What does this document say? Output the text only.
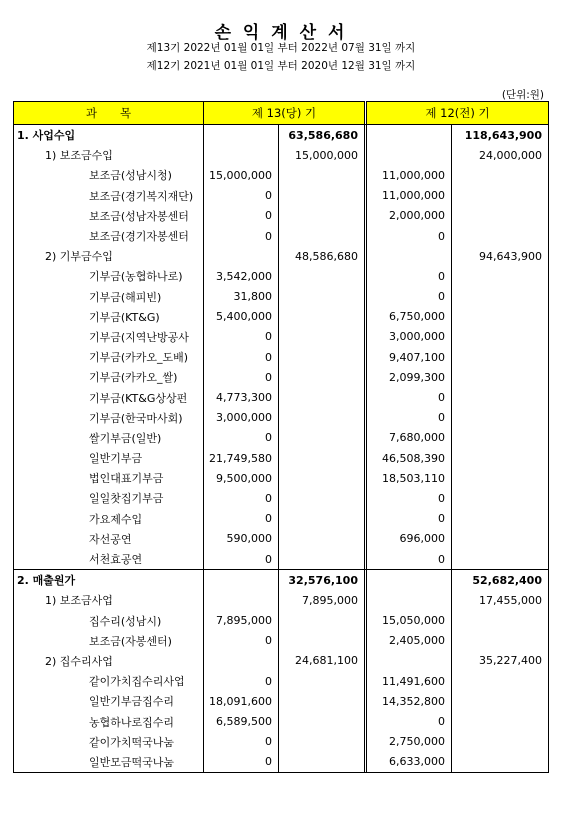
손 익 계 산 서
제13기 2022년 01월 01일 부터 2022년 07월 31일 까지
제12기 2021년 01월 01일 부터 2020년 12월 31일 까지
(단위:원)
과　　목	제 13(당) 기			제 12(전) 기	
1. 사업수입		63,586,680			118,643,900
1) 보조금수입		15,000,000			24,000,000
보조금(성남시청)	15,000,000			11,000,000	
보조금(경기복지재단)	0			11,000,000	
보조금(성남자봉센터	0			2,000,000	
보조금(경기자봉센터	0			0	
2) 기부금수입		48,586,680			94,643,900
기부금(농협하나로)	3,542,000			0	
기부금(해피빈)	31,800			0	
기부금(KT&G)	5,400,000			6,750,000	
기부금(지역난방공사	0			3,000,000	
기부금(카카오_도배)	0			9,407,100	
기부금(카카오_쌀)	0			2,099,300	
기부금(KT&G상상펀	4,773,300			0	
기부금(한국마사회)	3,000,000			0	
쌀기부금(일반)	0			7,680,000	
일반기부금	21,749,580			46,508,390	
법인대표기부금	9,500,000			18,503,110	
일일찻집기부금	0			0	
가요제수입	0			0	
자선공연	590,000			696,000	
서천효공연	0			0	
2. 매출원가		32,576,100			52,682,400
1) 보조금사업		7,895,000			17,455,000
집수리(성남시)	7,895,000			15,050,000	
보조금(자봉센터)	0			2,405,000	
2) 집수리사업		24,681,100			35,227,400
같이가치집수리사업	0			11,491,600	
일반기부금집수리	18,091,600			14,352,800	
농협하나로집수리	6,589,500			0	
같이가치떡국나눔	0			2,750,000	
일반모금떡국나눔	0			6,633,000	
